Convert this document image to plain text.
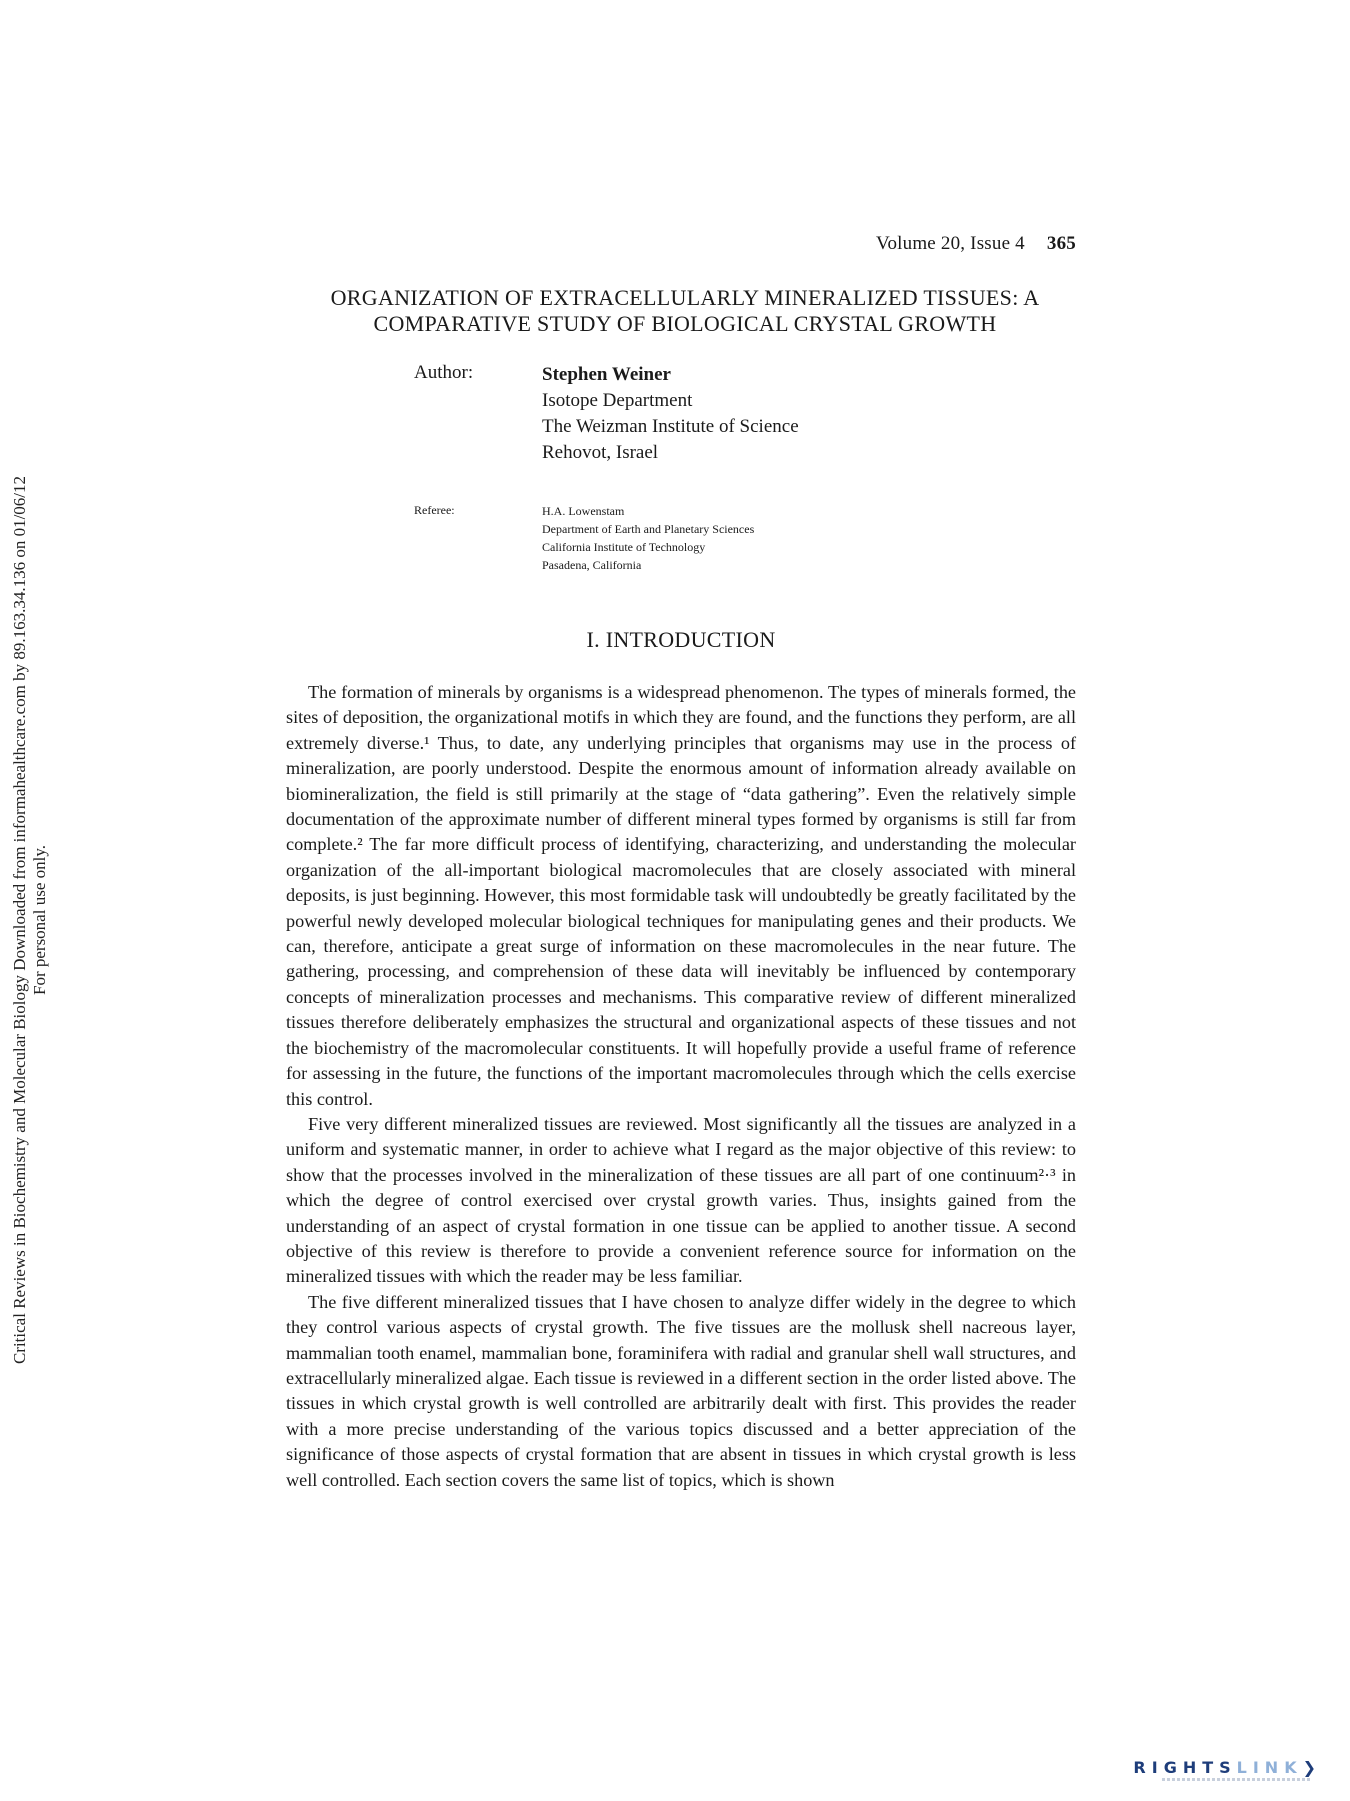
Critical Reviews in Biochemistry and Molecular Biology Downloaded from informahealthcare.com by 89.163.34.136 on 01/06/12 For personal use only.
Volume 20, Issue 4 365
ORGANIZATION OF EXTRACELLULARLY MINERALIZED TISSUES: A
COMPARATIVE STUDY OF BIOLOGICAL CRYSTAL GROWTH
Author:	Stephen Weiner
Isotope Department
The Weizman Institute of Science
Rehovot, Israel
Referee:	H.A. Lowenstam
Department of Earth and Planetary Sciences
California Institute of Technology
Pasadena, California
I. INTRODUCTION

The formation of minerals by organisms is a widespread phenomenon. The types of minerals formed, the sites of deposition, the organizational motifs in which they are found, and the functions they perform, are all extremely diverse.¹ Thus, to date, any underlying principles that organisms may use in the process of mineralization, are poorly understood. Despite the enormous amount of information already available on biomineralization, the field is still primarily at the stage of “data gathering”. Even the relatively simple documentation of the approximate number of different mineral types formed by organisms is still far from complete.² The far more difficult process of identifying, characterizing, and understanding the molecular organization of the all-important biological macromolecules that are closely associated with mineral deposits, is just beginning. However, this most formidable task will undoubtedly be greatly facilitated by the powerful newly developed molecular biological techniques for manipulating genes and their products. We can, therefore, anticipate a great surge of information on these macromolecules in the near future. The gathering, processing, and comprehension of these data will inevitably be influenced by contemporary concepts of mineralization processes and mechanisms. This comparative review of different mineralized tissues therefore deliberately emphasizes the structural and organizational aspects of these tissues and not the biochemistry of the macromolecular constituents. It will hopefully provide a useful frame of reference for assessing in the future, the functions of the important macromolecules through which the cells exercise this control.

Five very different mineralized tissues are reviewed. Most significantly all the tissues are analyzed in a uniform and systematic manner, in order to achieve what I regard as the major objective of this review: to show that the processes involved in the mineralization of these tissues are all part of one continuum²·³ in which the degree of control exercised over crystal growth varies. Thus, insights gained from the understanding of an aspect of crystal formation in one tissue can be applied to another tissue. A second objective of this review is therefore to provide a convenient reference source for information on the mineralized tissues with which the reader may be less familiar.

The five different mineralized tissues that I have chosen to analyze differ widely in the degree to which they control various aspects of crystal growth. The five tissues are the mollusk shell nacreous layer, mammalian tooth enamel, mammalian bone, foraminifera with radial and granular shell wall structures, and extracellularly mineralized algae. Each tissue is reviewed in a different section in the order listed above. The tissues in which crystal growth is well controlled are arbitrarily dealt with first. This provides the reader with a more precise understanding of the various topics discussed and a better appreciation of the significance of those aspects of crystal formation that are absent in tissues in which crystal growth is less well controlled. Each section covers the same list of topics, which is shown

RIGHTSLINK❯
